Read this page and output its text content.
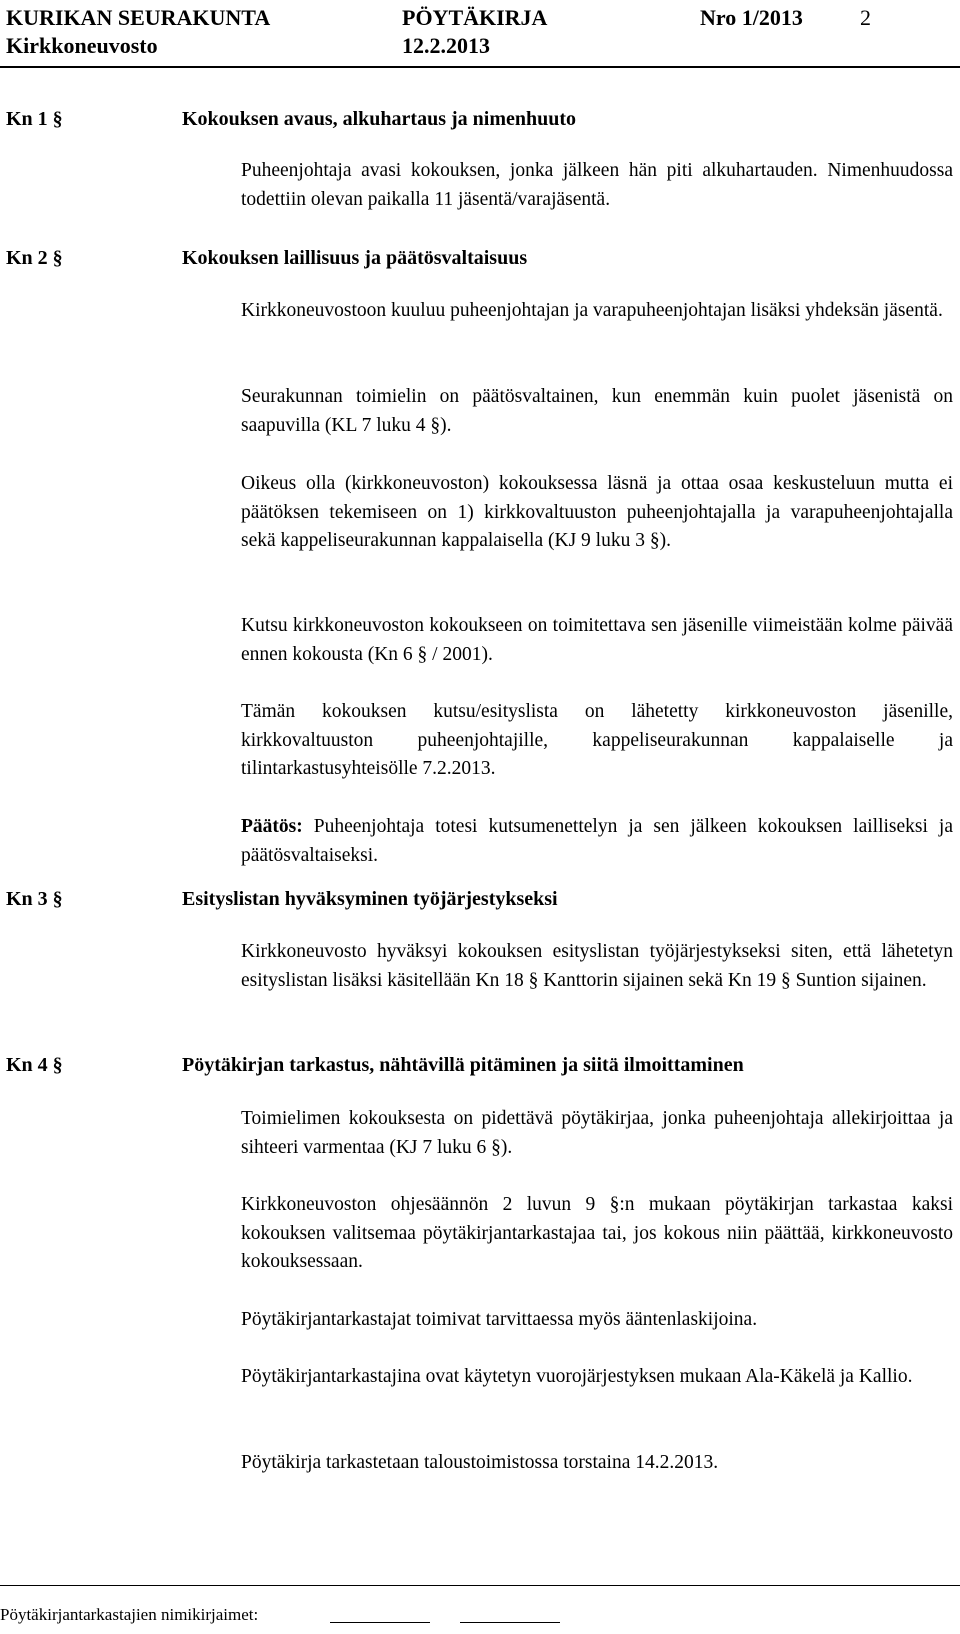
KURIKAN SEURAKUNTA	PÖYTÄKIRJA	Nro 1/2013	2
Kirkkoneuvosto	12.2.2013
Kn 1 §	Kokouksen avaus, alkuhartaus ja nimenhuuto

Puheenjohtaja avasi kokouksen, jonka jälkeen hän piti alkuhartauden. Nimenhuudossa todettiin olevan paikalla 11 jäsentä/varajäsentä.

Kn 2 §	Kokouksen laillisuus ja päätösvaltaisuus

Kirkkoneuvostoon kuuluu puheenjohtajan ja varapuheenjohtajan lisäksi yhdeksän jäsentä.

Seurakunnan toimielin on päätösvaltainen, kun enemmän kuin puolet jäsenistä on saapuvilla (KL 7 luku 4 §).

Oikeus olla (kirkkoneuvoston) kokouksessa läsnä ja ottaa osaa keskusteluun mutta ei päätöksen tekemiseen on 1) kirkkovaltuuston puheenjohtajalla ja varapuheenjohtajalla sekä kappeliseurakunnan kappalaisella (KJ 9 luku 3 §).

Kutsu kirkkoneuvoston kokoukseen on toimitettava sen jäsenille viimeistään kolme päivää ennen kokousta (Kn 6 § / 2001).

Tämän kokouksen kutsu/esityslista on lähetetty kirkkoneuvoston jäsenille, kirkkovaltuuston puheenjohtajille, kappeliseurakunnan kappalaiselle ja tilintarkastusyhteisölle 7.2.2013.

Päätös: Puheenjohtaja totesi kutsumenettelyn ja sen jälkeen kokouksen lailliseksi ja päätösvaltaiseksi.

Kn 3 §	Esityslistan hyväksyminen työjärjestykseksi

Kirkkoneuvosto hyväksyi kokouksen esityslistan työjärjestykseksi siten, että lähetetyn esityslistan lisäksi käsitellään Kn 18 § Kanttorin sijainen sekä Kn 19 § Suntion sijainen.

Kn 4 §	Pöytäkirjan tarkastus, nähtävillä pitäminen ja siitä ilmoittaminen

Toimielimen kokouksesta on pidettävä pöytäkirjaa, jonka puheenjohtaja allekirjoittaa ja sihteeri varmentaa (KJ 7 luku 6 §).

Kirkkoneuvoston ohjesäännön 2 luvun 9 §:n mukaan pöytäkirjan tarkastaa kaksi kokouksen valitsemaa pöytäkirjantarkastajaa tai, jos kokous niin päättää, kirkkoneuvosto kokouksessaan.

Pöytäkirjantarkastajat toimivat tarvittaessa myös ääntenlaskijoina.

Pöytäkirjantarkastajina ovat käytetyn vuorojärjestyksen mukaan Ala-Käkelä ja Kallio.

Pöytäkirja tarkastetaan taloustoimistossa torstaina 14.2.2013.

Pöytäkirjantarkastajien nimikirjaimet:
